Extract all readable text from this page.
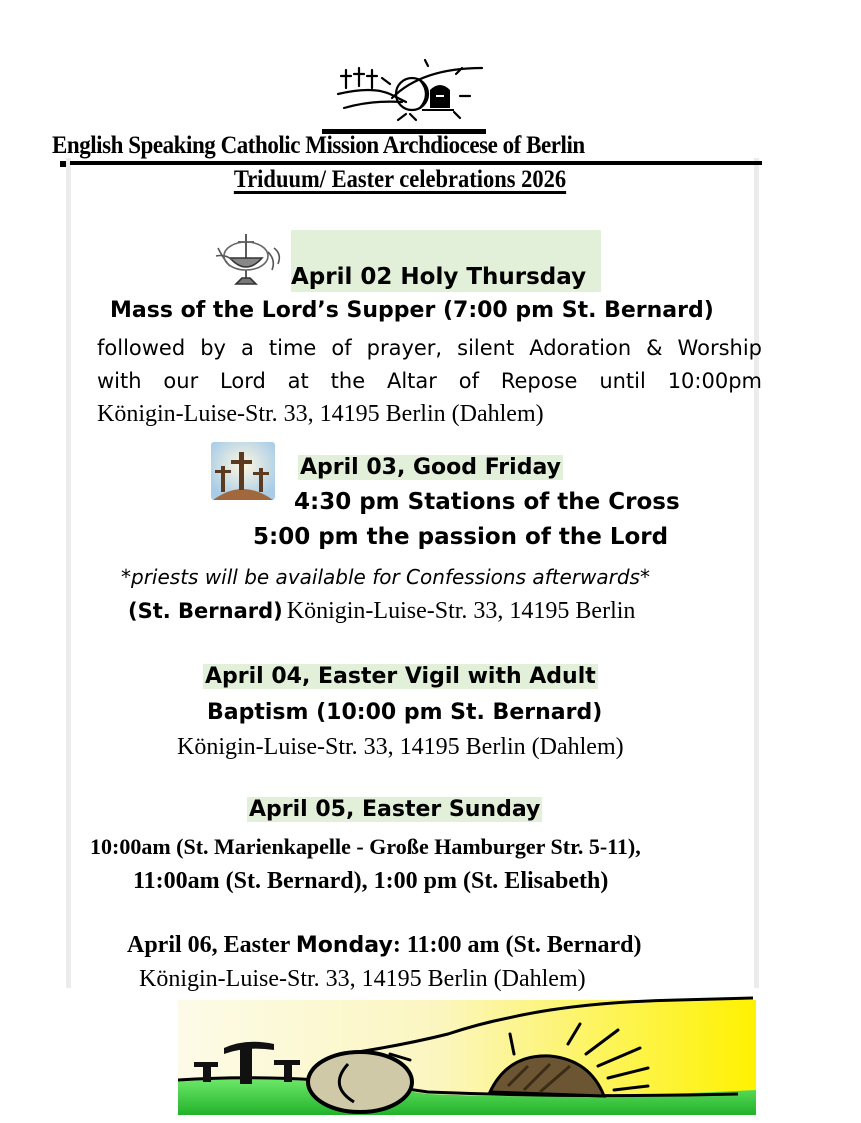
English Speaking Catholic Mission Archdiocese of Berlin
Triduum/ Easter celebrations 2026
April 02 Holy Thursday
Mass of the Lord’s Supper (7:00 pm St. Bernard)
followed by a time of prayer, silent Adoration & Worship
with our Lord at the Altar of Repose until 10:00pm
Königin-Luise-Str. 33, 14195 Berlin (Dahlem)
April 03, Good Friday
4:30 pm Stations of the Cross
5:00 pm the passion of the Lord
*priests will be available for Confessions afterwards*
(St. Bernard) Königin-Luise-Str. 33, 14195 Berlin
April 04, Easter Vigil with Adult
Baptism (10:00 pm St. Bernard)
Königin-Luise-Str. 33, 14195 Berlin (Dahlem)
April 05, Easter Sunday
10:00am (St. Marienkapelle - Große Hamburger Str. 5-11),
11:00am (St. Bernard), 1:00 pm (St. Elisabeth)
April 06, Easter Monday: 11:00 am (St. Bernard)
Königin-Luise-Str. 33, 14195 Berlin (Dahlem)
